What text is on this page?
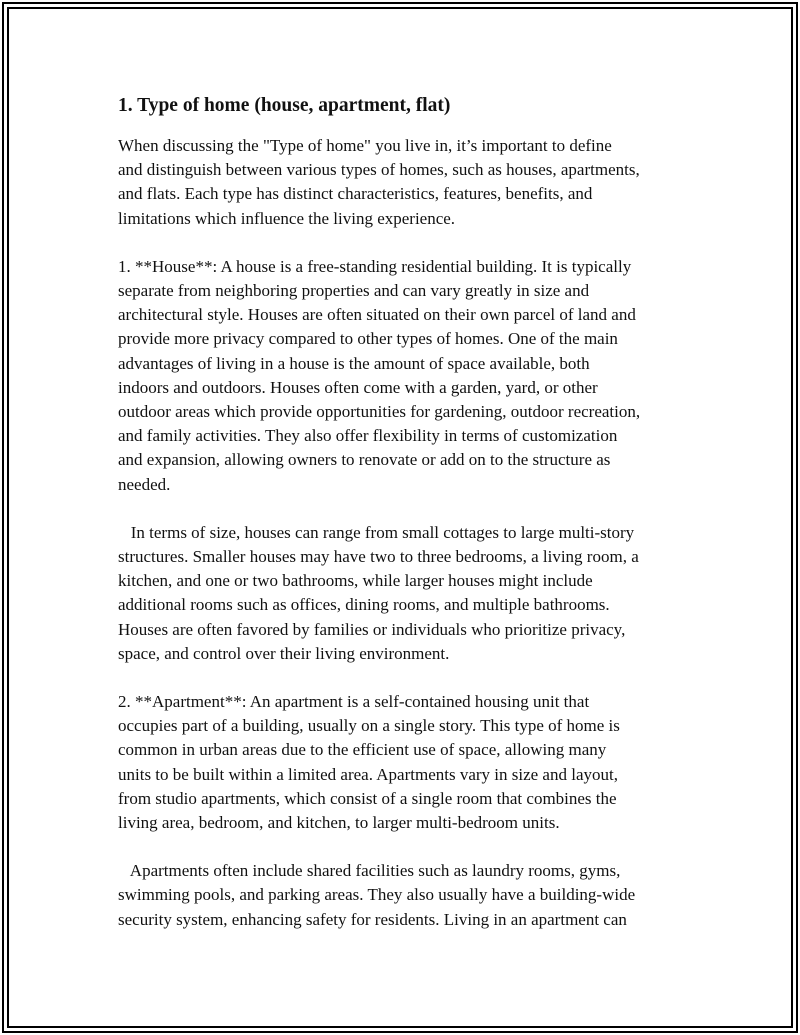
1. Type of home (house, apartment, flat)

When discussing the "Type of home" you live in, it’s important to define
and distinguish between various types of homes, such as houses, apartments,
and flats. Each type has distinct characteristics, features, benefits, and
limitations which influence the living experience.

1. **House**: A house is a free-standing residential building. It is typically
separate from neighboring properties and can vary greatly in size and
architectural style. Houses are often situated on their own parcel of land and
provide more privacy compared to other types of homes. One of the main
advantages of living in a house is the amount of space available, both
indoors and outdoors. Houses often come with a garden, yard, or other
outdoor areas which provide opportunities for gardening, outdoor recreation,
and family activities. They also offer flexibility in terms of customization
and expansion, allowing owners to renovate or add on to the structure as
needed.

In terms of size, houses can range from small cottages to large multi-story
structures. Smaller houses may have two to three bedrooms, a living room, a
kitchen, and one or two bathrooms, while larger houses might include
additional rooms such as offices, dining rooms, and multiple bathrooms.
Houses are often favored by families or individuals who prioritize privacy,
space, and control over their living environment.

2. **Apartment**: An apartment is a self-contained housing unit that
occupies part of a building, usually on a single story. This type of home is
common in urban areas due to the efficient use of space, allowing many
units to be built within a limited area. Apartments vary in size and layout,
from studio apartments, which consist of a single room that combines the
living area, bedroom, and kitchen, to larger multi-bedroom units.

Apartments often include shared facilities such as laundry rooms, gyms,
swimming pools, and parking areas. They also usually have a building-wide
security system, enhancing safety for residents. Living in an apartment can
